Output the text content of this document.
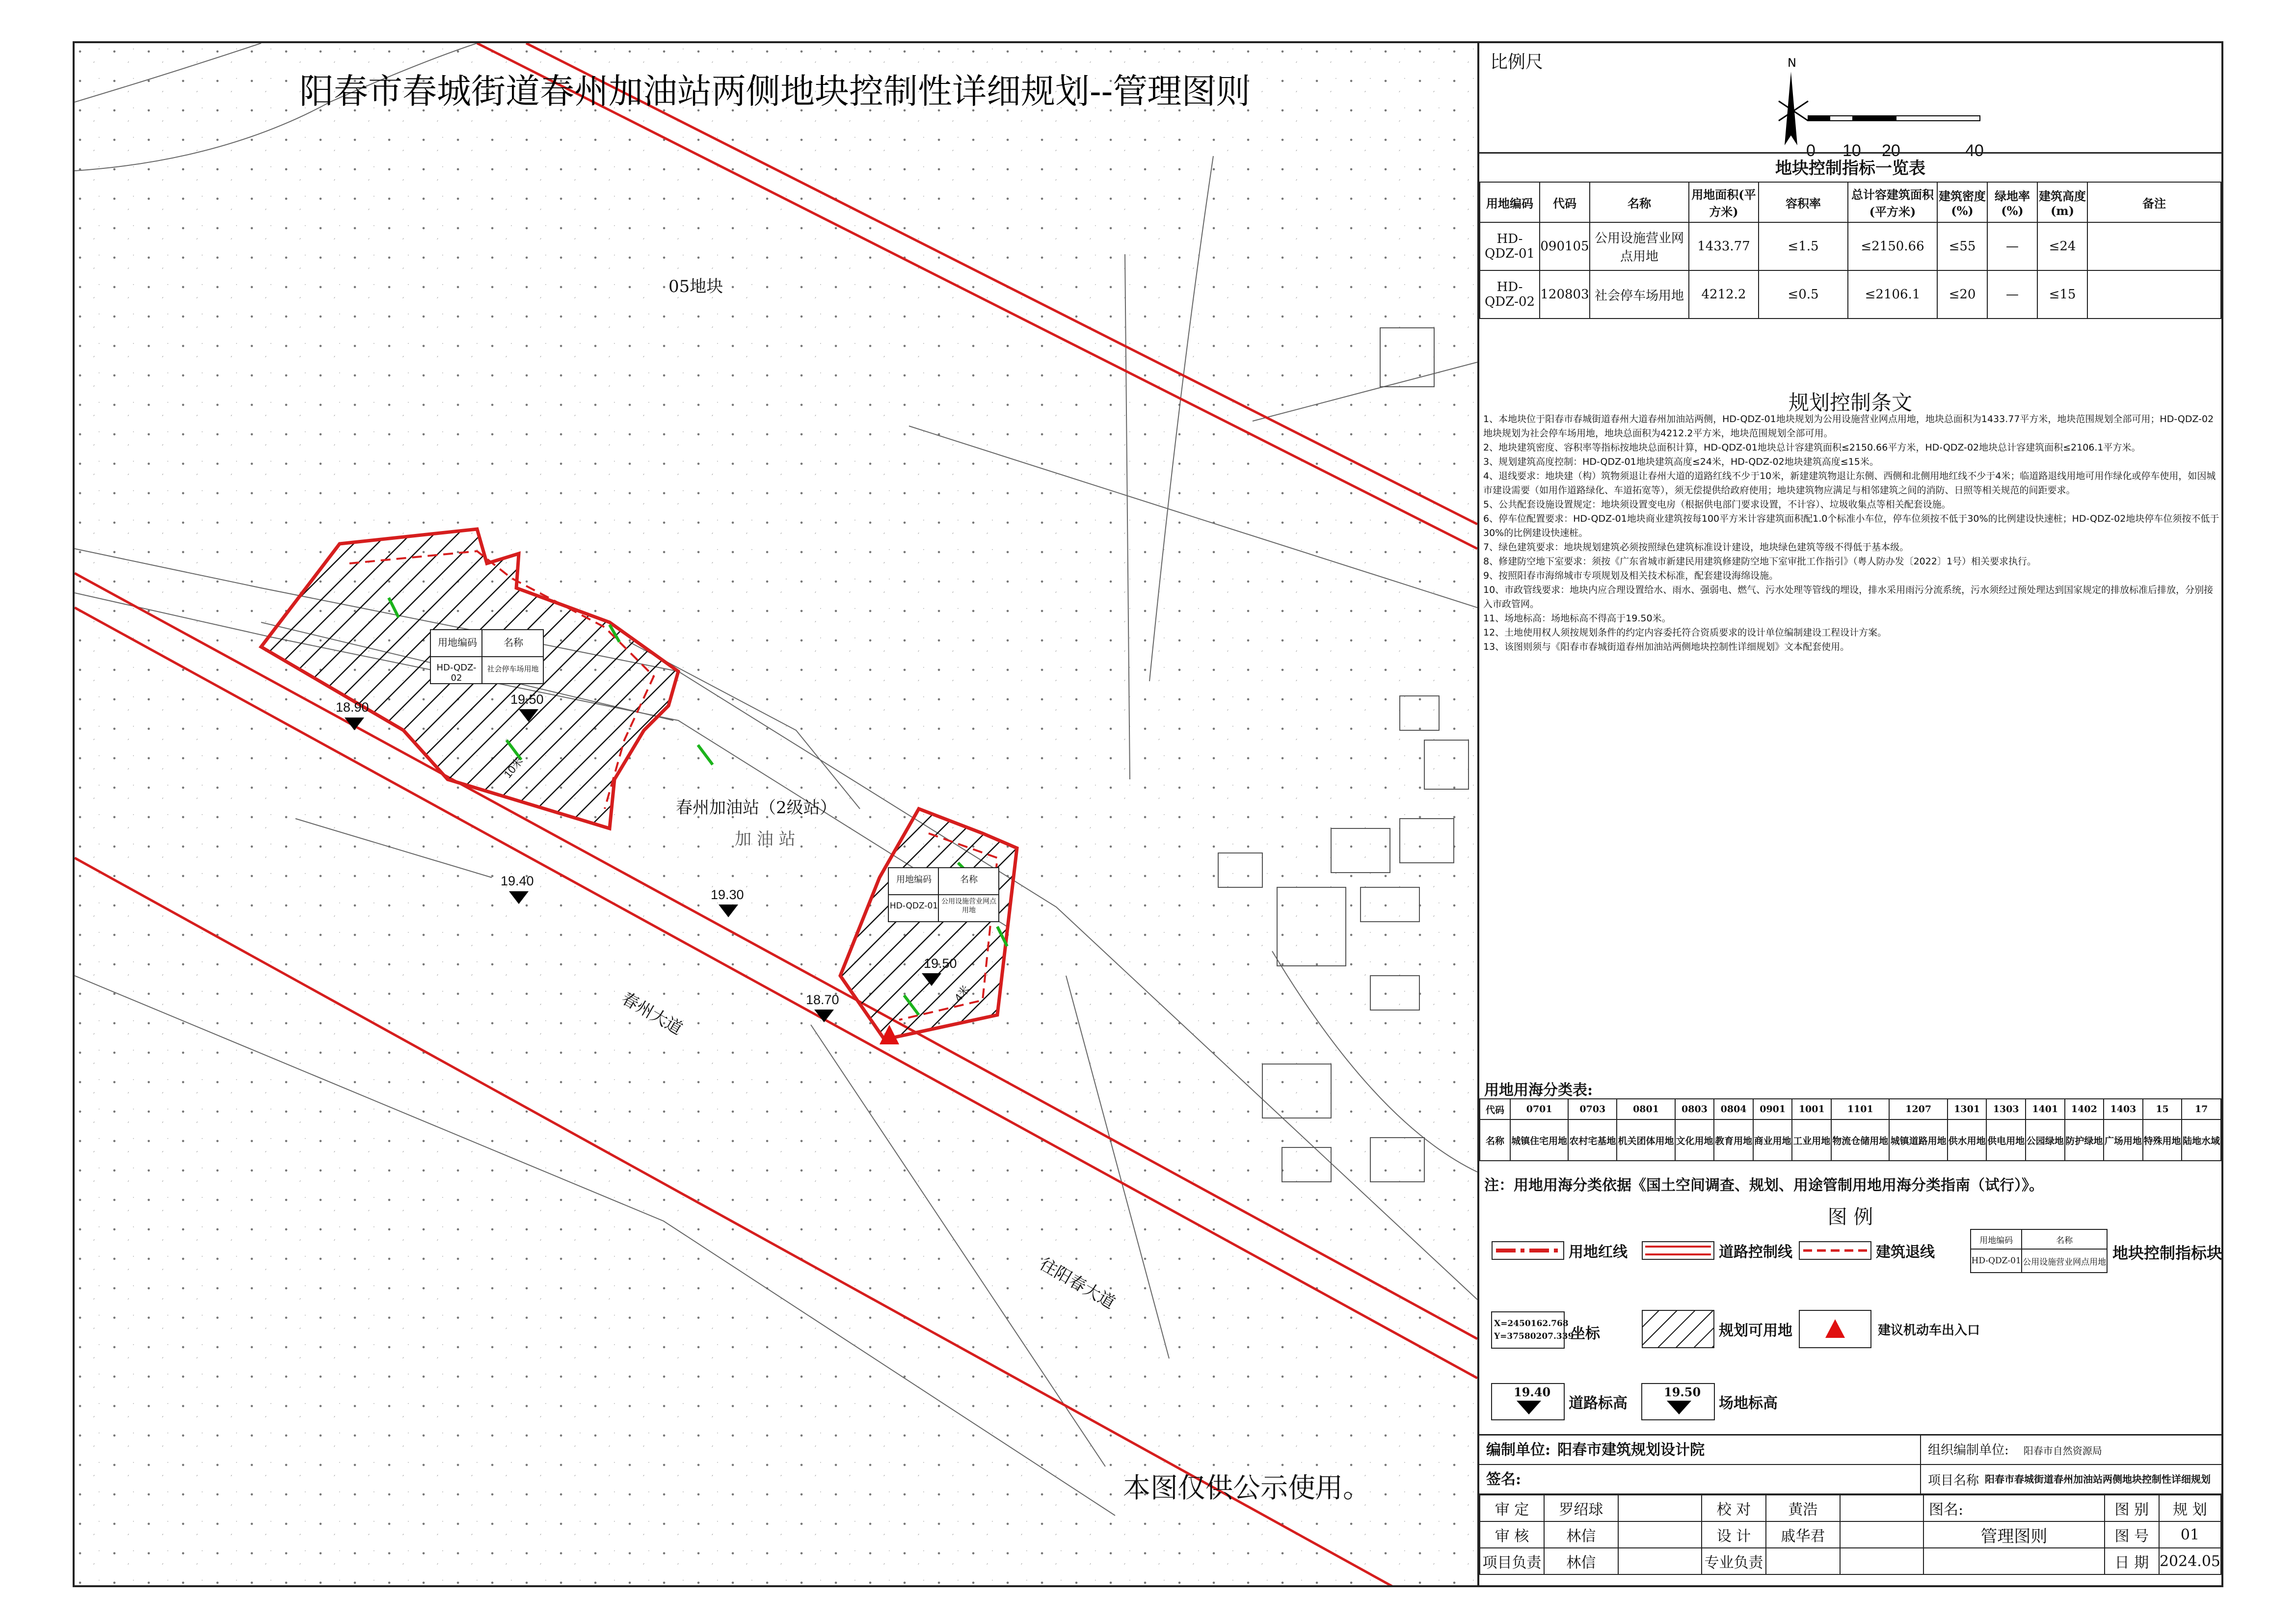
阳春市春城街道春州加油站两侧地块控制性详细规划--管理图则
05地块
春州加油站（2级站）
加 油 站
春州大道
往阳春大道
18.90
19.50
19.40
19.30
18.70
19.50
用地编码	名称
HD-QDZ-02
社会停车场用地
用地编码	名称
HD-QDZ-01 公用设施营业网点用地
10米
4米
本图仅供公示使用。
比例尺	N
0 10 20	40
地块控制指标一览表
用地编码	代码	名称	用地面积(平方米)	容积率	总计容建筑面积(平方米)	建筑密度(%)	绿地率(%)	建筑高度(m)	备注
HD-QDZ-01	090105	公用设施营业网点用地	1433.77	≤1.5	≤2150.66	≤55	—	≤24	
HD-QDZ-02	120803	社会停车场用地	4212.2	≤0.5	≤2106.1	≤20	—	≤15	
规划控制条文
1、本地块位于阳春市春城街道春州大道春州加油站两侧，HD-QDZ-01地块规划为公用设施营业网点用地，地块总面积为1433.77平方米，地块范围规划全部可用；HD-QDZ-02地块规划为社会停车场用地，地块总面积为4212.2平方米，地块范围规划全部可用。
2、地块建筑密度、容积率等指标按地块总面积计算，HD-QDZ-01地块总计容建筑面积≤2150.66平方米，HD-QDZ-02地块总计容建筑面积≤2106.1平方米。
3、规划建筑高度控制：HD-QDZ-01地块建筑高度≤24米，HD-QDZ-02地块建筑高度≤15米。
4、退线要求：地块建（构）筑物须退让春州大道的道路红线不少于10米，新建建筑物退让东侧、西侧和北侧用地红线不少于4米；临道路退线用地可用作绿化或停车使用，如因城市建设需要（如用作道路绿化、车道拓宽等），须无偿提供给政府使用；地块建筑物应满足与相邻建筑之间的消防、日照等相关规范的间距要求。
5、公共配套设施设置规定：地块须设置变电房（根据供电部门要求设置，不计容）、垃圾收集点等相关配套设施。
6、停车位配置要求：HD-QDZ-01地块商业建筑按每100平方米计容建筑面积配1.0个标准小车位，停车位须按不低于30%的比例建设快速桩；HD-QDZ-02地块停车位须按不低于30%的比例建设快速桩。
7、绿色建筑要求：地块规划建筑必须按照绿色建筑标准设计建设，地块绿色建筑等级不得低于基本级。
8、修建防空地下室要求：须按《广东省城市新建民用建筑修建防空地下室审批工作指引》（粤人防办发〔2022〕1号）相关要求执行。
9、按照阳春市海绵城市专项规划及相关技术标准，配套建设海绵设施。
10、市政管线要求：地块内应合理设置给水、雨水、强弱电、燃气、污水处理等管线的埋设，排水采用雨污分流系统，污水须经过预处理达到国家规定的排放标准后排放，分别接入市政管网。
11、场地标高：场地标高不得高于19.50米。
12、土地使用权人须按规划条件的约定内容委托符合资质要求的设计单位编制建设工程设计方案。
13、该图则须与《阳春市春城街道春州加油站两侧地块控制性详细规划》文本配套使用。
用地用海分类表:
代码	0701	0703	0801	0803	0804	0901	1001	1101	1207	1301	1303	1401	1402	1403	15	17
名称	城镇住宅用地	农村宅基地	机关团体用地	文化用地	教育用地	商业用地	工业用地	物流仓储用地	城镇道路用地	供水用地	供电用地	公园绿地	防护绿地	广场用地	特殊用地	陆地水域
注：用地用海分类依据《国土空间调查、规划、用途管制用地用海分类指南（试行）》。
图 例
用地红线	道路控制线	建筑退线
用地编码	名称
HD-QDZ-01	公用设施营业网点用地 地块控制指标块
X=2450162.768
Y=37580207.339
坐标	规划可用地	建议机动车出入口
19.40
道路标高
19.50
场地标高
编制单位: 阳春市建筑规划设计院	组织编制单位: 阳春市自然资源局
签名:	项目名称 阳春市春城街道春州加油站两侧地块控制性详细规划
审 定	罗绍球		校 对	黄浩		图名:	图 别	规 划
审 核	林信		设 计	戚华君		管理图则	图 号	01
项目负责	林信		专业负责				日 期	2024.05
